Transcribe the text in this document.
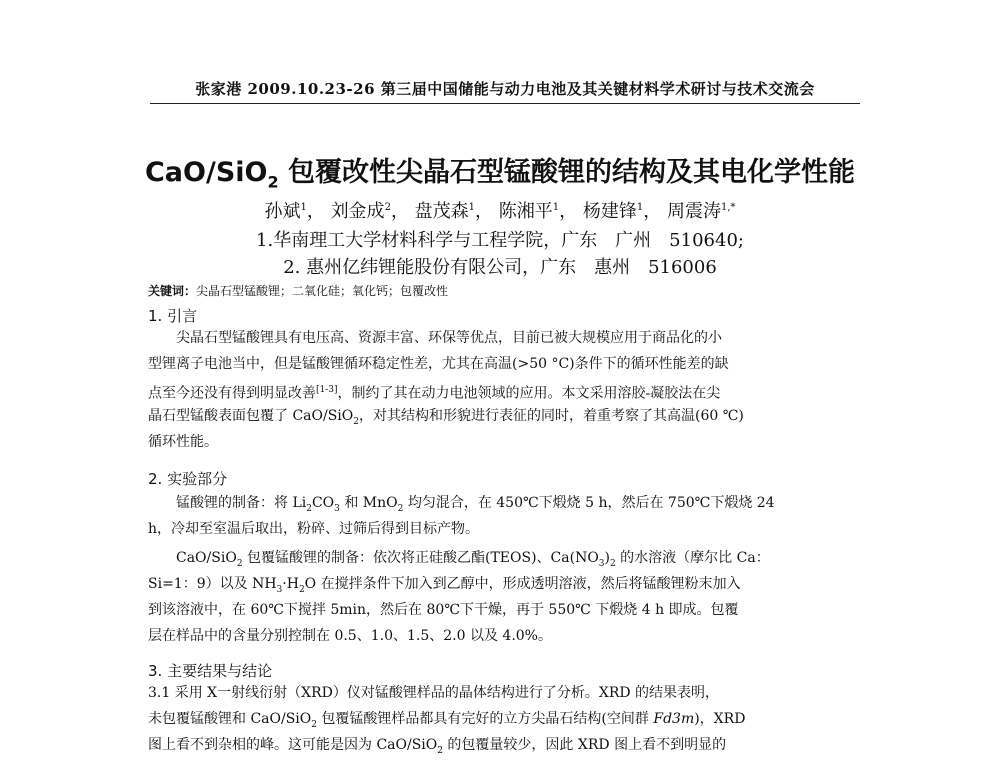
张家港 2009.10.23-26 第三届中国储能与动力电池及其关键材料学术研讨与技术交流会
CaO/SiO$_2$ 包覆改性尖晶石型锰酸锂的结构及其电化学性能
孙斌$^1$， 刘金成$^2$， 盘茂森$^1$， 陈湘平$^1$， 杨建锋$^1$， 周震涛$^{1,*}$
1.华南理工大学材料科学与工程学院，广东　广州　510640;
2. 惠州亿纬锂能股份有限公司，广东　惠州　516006
关键词：尖晶石型锰酸锂；二氧化硅；氧化钙；包覆改性
1. 引言
尖晶石型锰酸锂具有电压高、资源丰富、环保等优点，目前已被大规模应用于商品化的小
型锂离子电池当中，但是锰酸锂循环稳定性差，尤其在高温(>50 °C)条件下的循环性能差的缺
点至今还没有得到明显改善[1-3]，制约了其在动力电池领域的应用。本文采用溶胶-凝胶法在尖
晶石型锰酸表面包覆了 CaO/SiO$_2$，对其结构和形貌进行表征的同时，着重考察了其高温(60 ℃)
循环性能。
2. 实验部分
锰酸锂的制备：将 $Li_2CO_3$ 和 MnO$_2$ 均匀混合，在 450℃下煅烧 5 h，然后在 750℃下煅烧 24
h，冷却至室温后取出，粉碎、过筛后得到目标产物。
CaO/SiO$_2$ 包覆锰酸锂的制备：依次将正硅酸乙酯(TEOS)、$Ca(NO_3)_2$ 的水溶液（摩尔比 Ca：
Si=1：9）以及 $NH_3\cdot H_2O$ 在搅拌条件下加入到乙醇中，形成透明溶液，然后将锰酸锂粉末加入
到该溶液中，在 60℃下搅拌 5min，然后在 80℃下干燥，再于 550℃ 下煅烧 4 h 即成。包覆
层在样品中的含量分别控制在 0.5、1.0、1.5、2.0 以及 4.0%。
3. 主要结果与结论
3.1 采用 X一射线衍射（XRD）仪对锰酸锂样品的晶体结构进行了分析。XRD 的结果表明，
未包覆锰酸锂和 CaO/SiO$_2$ 包覆锰酸锂样品都具有完好的立方尖晶石结构(空间群 Fd3m)，XRD
图上看不到杂相的峰。这可能是因为 CaO/SiO$_2$ 的包覆量较少，因此 XRD 图上看不到明显的
